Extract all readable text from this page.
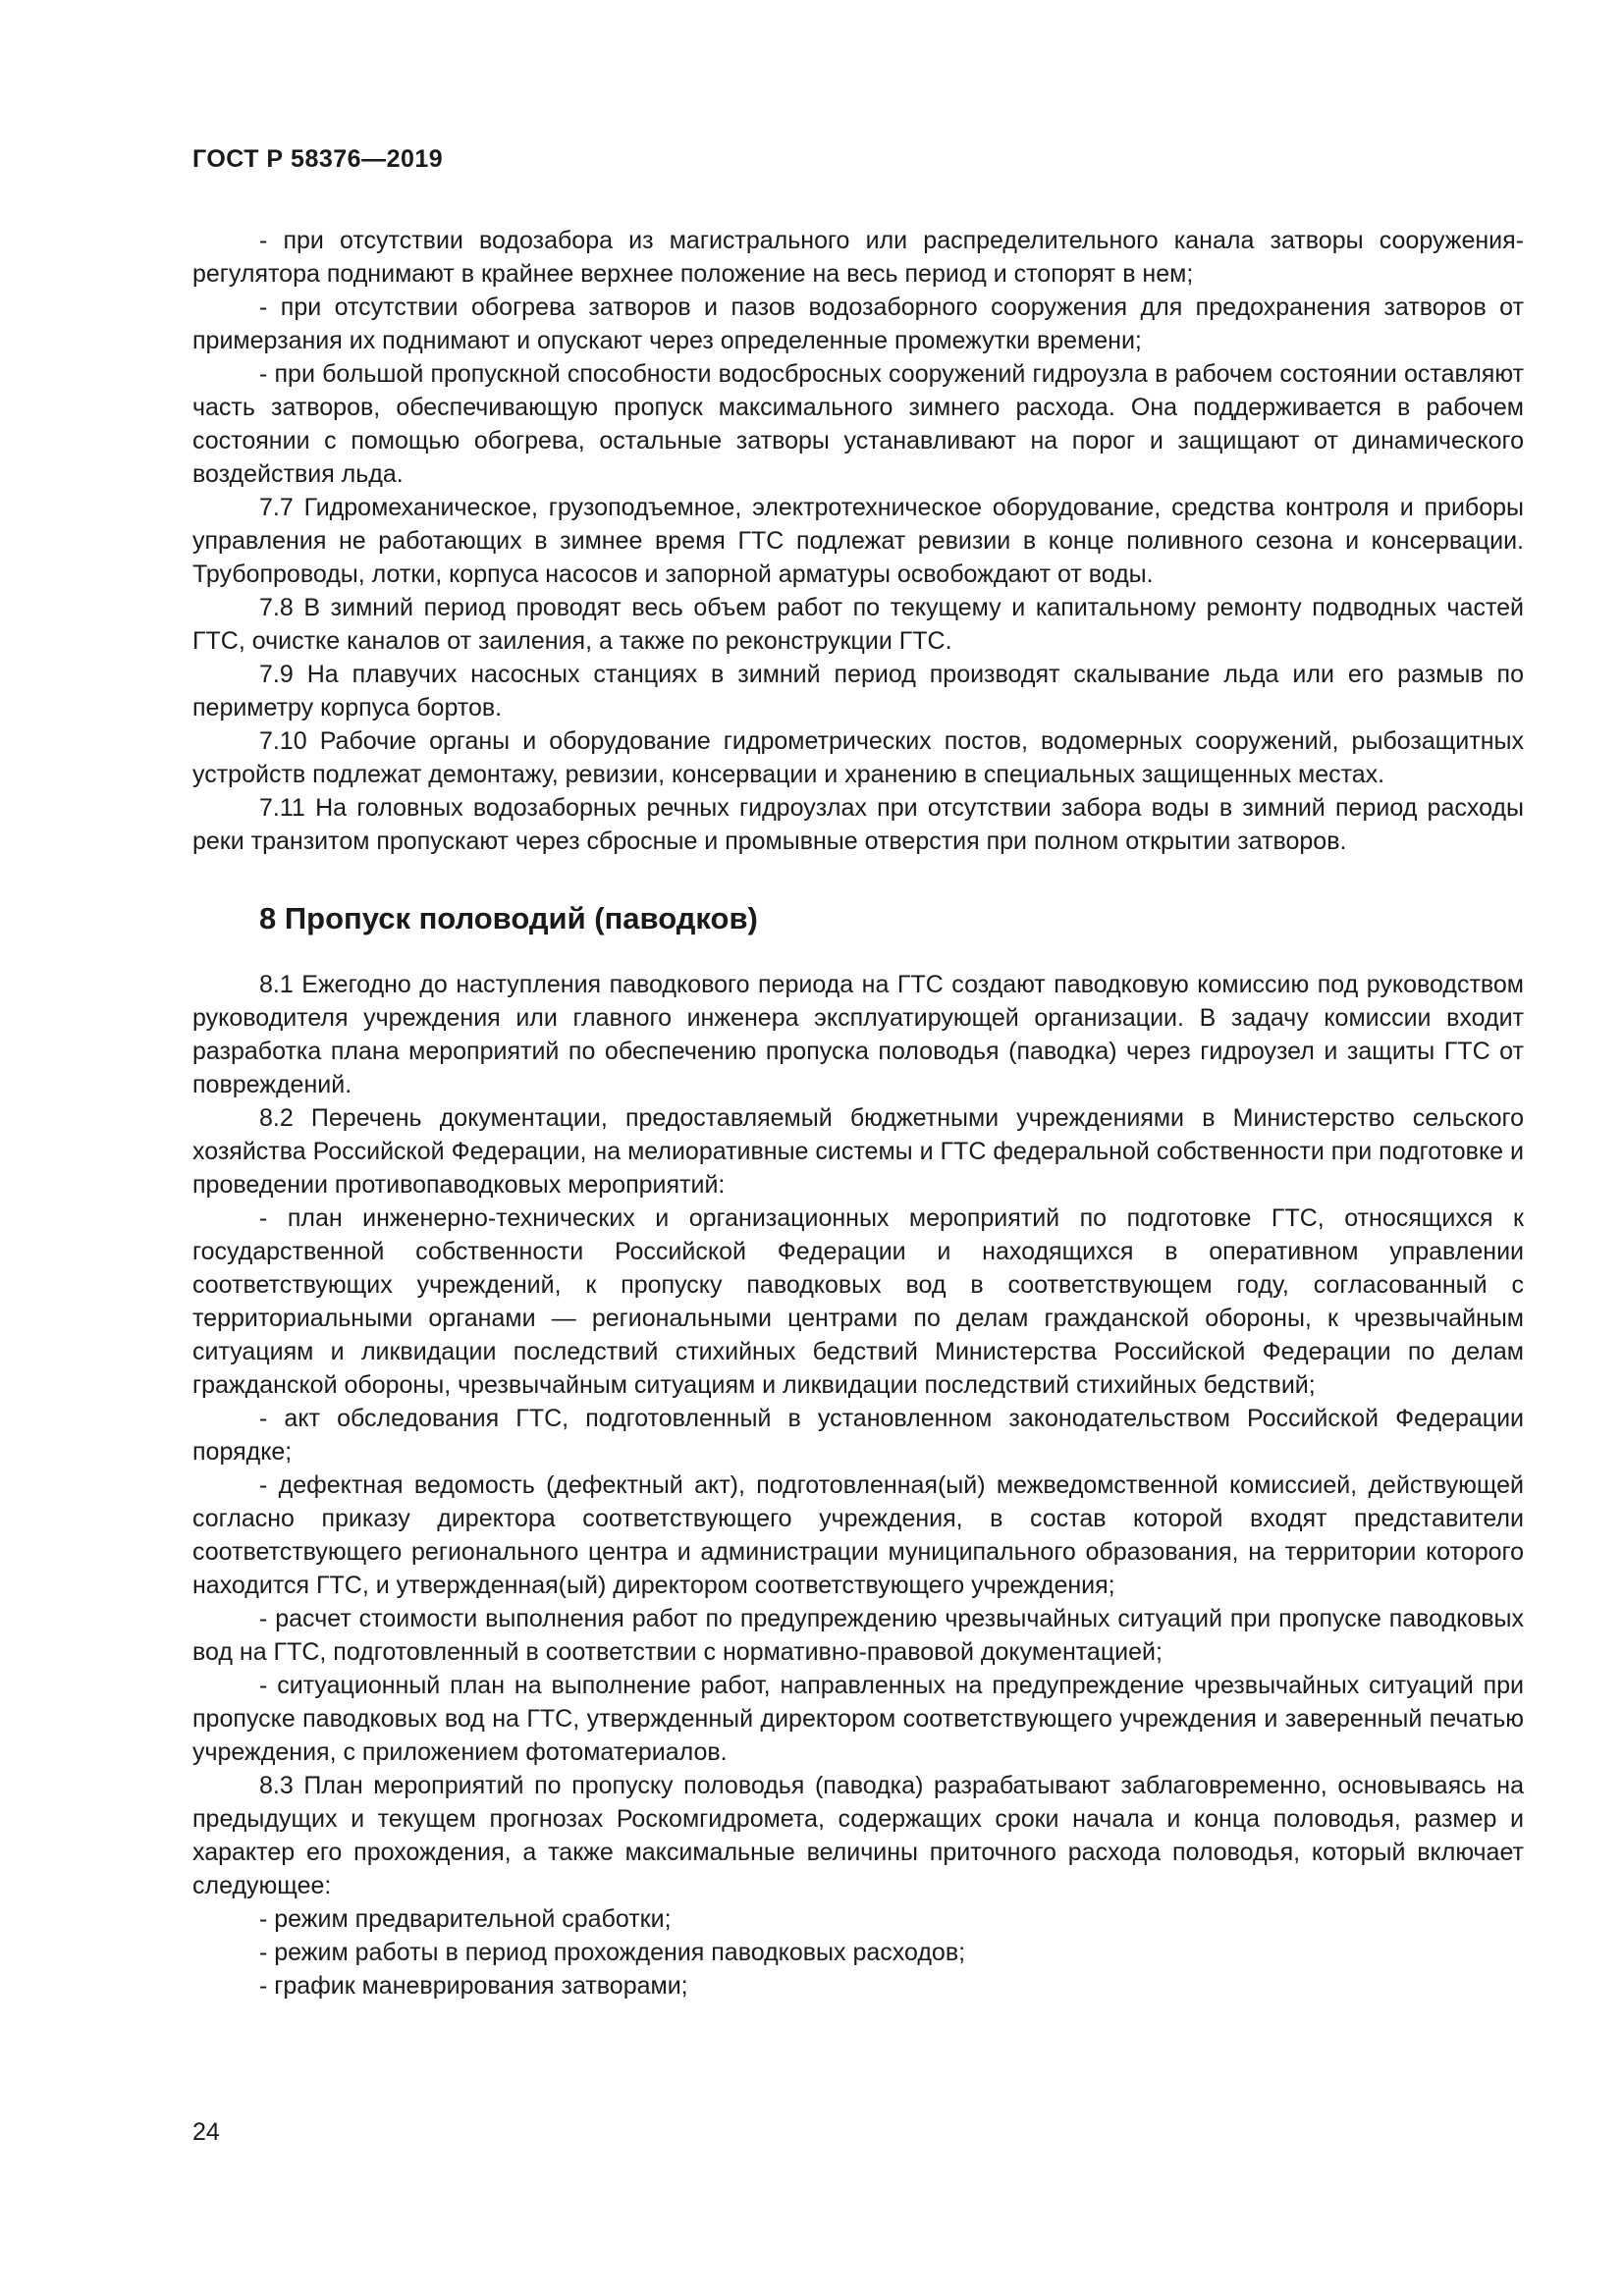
ГОСТ Р 58376—2019

- при отсутствии водозабора из магистрального или распределительного канала затворы сооружения-регулятора поднимают в крайнее верхнее положение на весь период и стопорят в нем;

- при отсутствии обогрева затворов и пазов водозаборного сооружения для предохранения затворов от примерзания их поднимают и опускают через определенные промежутки времени;

- при большой пропускной способности водосбросных сооружений гидроузла в рабочем состоянии оставляют часть затворов, обеспечивающую пропуск максимального зимнего расхода. Она поддерживается в рабочем состоянии с помощью обогрева, остальные затворы устанавливают на порог и защищают от динамического воздействия льда.

7.7 Гидромеханическое, грузоподъемное, электротехническое оборудование, средства контроля и приборы управления не работающих в зимнее время ГТС подлежат ревизии в конце поливного сезона и консервации. Трубопроводы, лотки, корпуса насосов и запорной арматуры освобождают от воды.

7.8 В зимний период проводят весь объем работ по текущему и капитальному ремонту подводных частей ГТС, очистке каналов от заиления, а также по реконструкции ГТС.

7.9 На плавучих насосных станциях в зимний период производят скалывание льда или его размыв по периметру корпуса бортов.

7.10 Рабочие органы и оборудование гидрометрических постов, водомерных сооружений, рыбозащитных устройств подлежат демонтажу, ревизии, консервации и хранению в специальных защищенных местах.

7.11 На головных водозаборных речных гидроузлах при отсутствии забора воды в зимний период расходы реки транзитом пропускают через сбросные и промывные отверстия при полном открытии затворов.

8 Пропуск половодий (паводков)

8.1 Ежегодно до наступления паводкового периода на ГТС создают паводковую комиссию под руководством руководителя учреждения или главного инженера эксплуатирующей организации. В задачу комиссии входит разработка плана мероприятий по обеспечению пропуска половодья (паводка) через гидроузел и защиты ГТС от повреждений.

8.2 Перечень документации, предоставляемый бюджетными учреждениями в Министерство сельского хозяйства Российской Федерации, на мелиоративные системы и ГТС федеральной собственности при подготовке и проведении противопаводковых мероприятий:

- план инженерно-технических и организационных мероприятий по подготовке ГТС, относящихся к государственной собственности Российской Федерации и находящихся в оперативном управлении соответствующих учреждений, к пропуску паводковых вод в соответствующем году, согласованный с территориальными органами — региональными центрами по делам гражданской обороны, к чрезвычайным ситуациям и ликвидации последствий стихийных бедствий Министерства Российской Федерации по делам гражданской обороны, чрезвычайным ситуациям и ликвидации последствий стихийных бедствий;

- акт обследования ГТС, подготовленный в установленном законодательством Российской Федерации порядке;

- дефектная ведомость (дефектный акт), подготовленная(ый) межведомственной комиссией, действующей согласно приказу директора соответствующего учреждения, в состав которой входят представители соответствующего регионального центра и администрации муниципального образования, на территории которого находится ГТС, и утвержденная(ый) директором соответствующего учреждения;

- расчет стоимости выполнения работ по предупреждению чрезвычайных ситуаций при пропуске паводковых вод на ГТС, подготовленный в соответствии с нормативно-правовой документацией;

- ситуационный план на выполнение работ, направленных на предупреждение чрезвычайных ситуаций при пропуске паводковых вод на ГТС, утвержденный директором соответствующего учреждения и заверенный печатью учреждения, с приложением фотоматериалов.

8.3 План мероприятий по пропуску половодья (паводка) разрабатывают заблаговременно, основываясь на предыдущих и текущем прогнозах Роскомгидромета, содержащих сроки начала и конца половодья, размер и характер его прохождения, а также максимальные величины приточного расхода половодья, который включает следующее:

- режим предварительной сработки;

- режим работы в период прохождения паводковых расходов;

- график маневрирования затворами;

24
